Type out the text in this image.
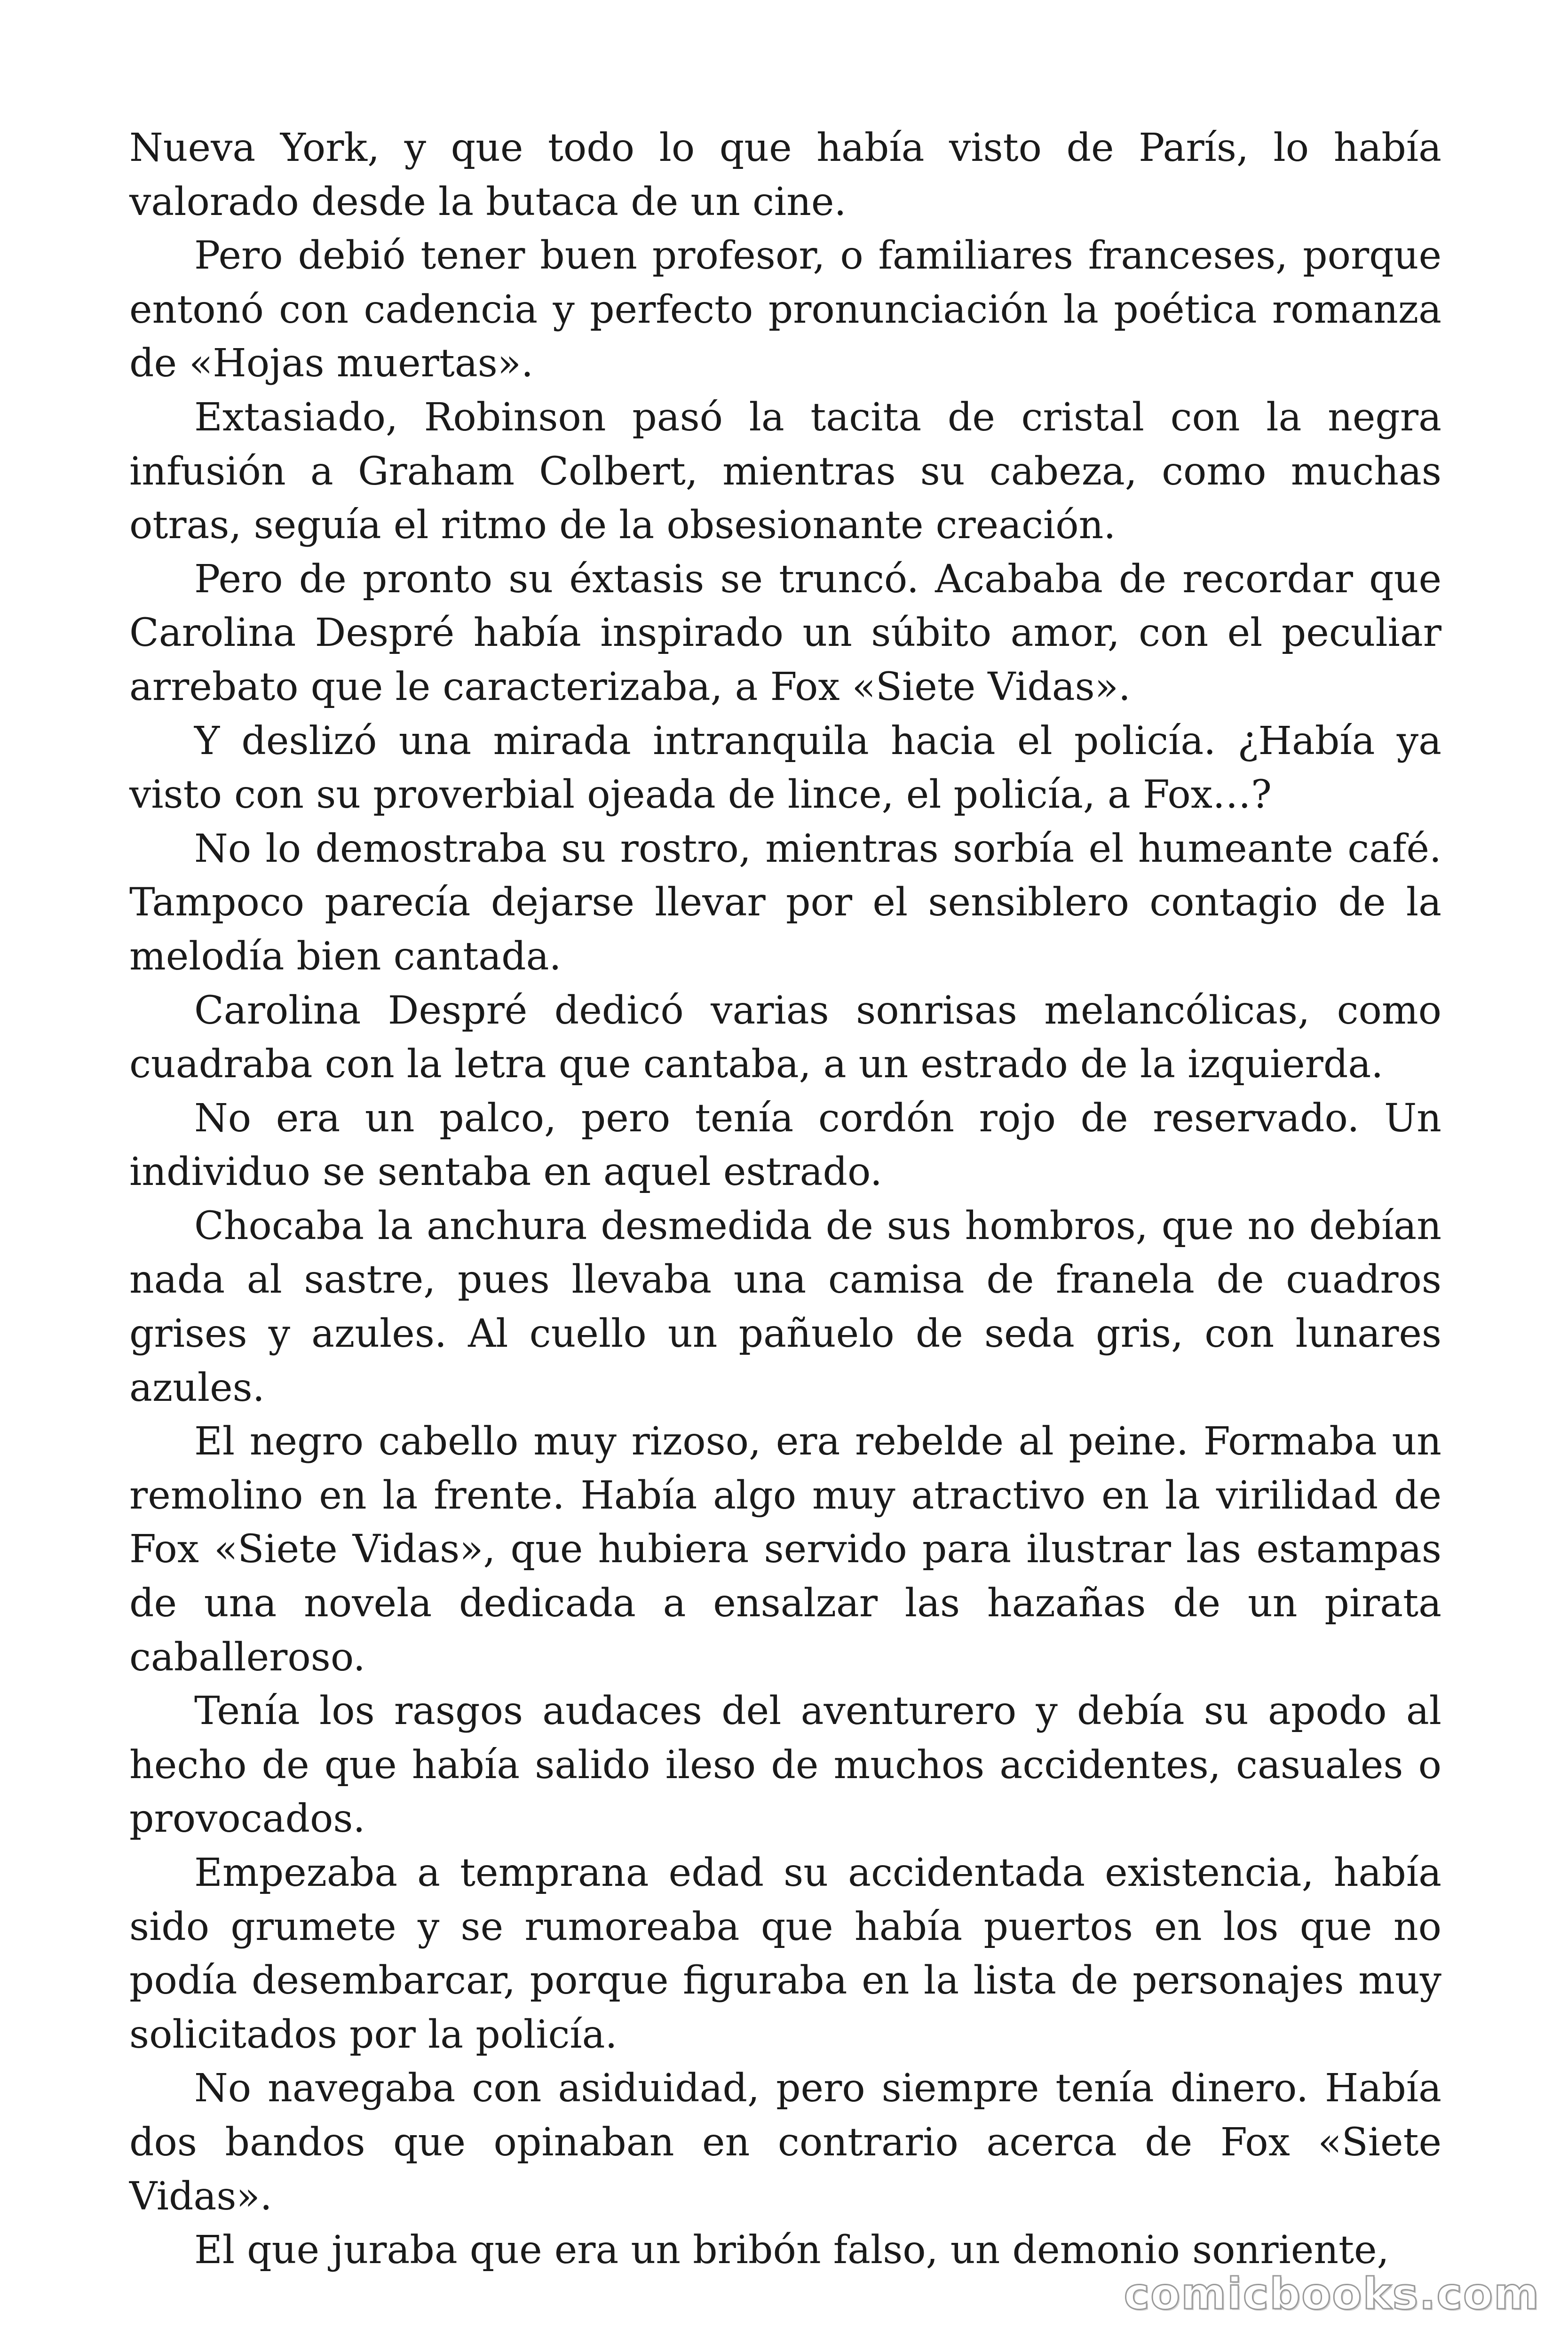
Nueva York, y que todo lo que había visto de París, lo había valorado desde la butaca de un cine.

Pero debió tener buen profesor, o familiares franceses, porque entonó con cadencia y perfecto pronunciación la poética romanza de «Hojas muertas».

Extasiado, Robinson pasó la tacita de cristal con la negra infusión a Graham Colbert, mientras su cabeza, como muchas otras, seguía el ritmo de la obsesionante creación.

Pero de pronto su éxtasis se truncó. Acababa de recordar que Carolina Despré había inspirado un súbito amor, con el peculiar arrebato que le caracterizaba, a Fox «Siete Vidas».

Y deslizó una mirada intranquila hacia el policía. ¿Había ya visto con su proverbial ojeada de lince, el policía, a Fox…?

No lo demostraba su rostro, mientras sorbía el humeante café. Tampoco parecía dejarse llevar por el sensiblero contagio de la melodía bien cantada.

Carolina Despré dedicó varias sonrisas melancólicas, como cuadraba con la letra que cantaba, a un estrado de la izquierda.

No era un palco, pero tenía cordón rojo de reservado. Un individuo se sentaba en aquel estrado.

Chocaba la anchura desmedida de sus hombros, que no debían nada al sastre, pues llevaba una camisa de franela de cuadros grises y azules. Al cuello un pañuelo de seda gris, con lunares azules.

El negro cabello muy rizoso, era rebelde al peine. Formaba un remolino en la frente. Había algo muy atractivo en la virilidad de Fox «Siete Vidas», que hubiera servido para ilustrar las estampas de una novela dedicada a ensalzar las hazañas de un pirata caballeroso.

Tenía los rasgos audaces del aventurero y debía su apodo al hecho de que había salido ileso de muchos accidentes, casuales o provocados.

Empezaba a temprana edad su accidentada existencia, había sido grumete y se rumoreaba que había puertos en los que no podía desembarcar, porque figuraba en la lista de personajes muy solicitados por la policía.

No navegaba con asiduidad, pero siempre tenía dinero. Había dos bandos que opinaban en contrario acerca de Fox «Siete Vidas».

El que juraba que era un bribón falso, un demonio sonriente,

comicbooks.com
